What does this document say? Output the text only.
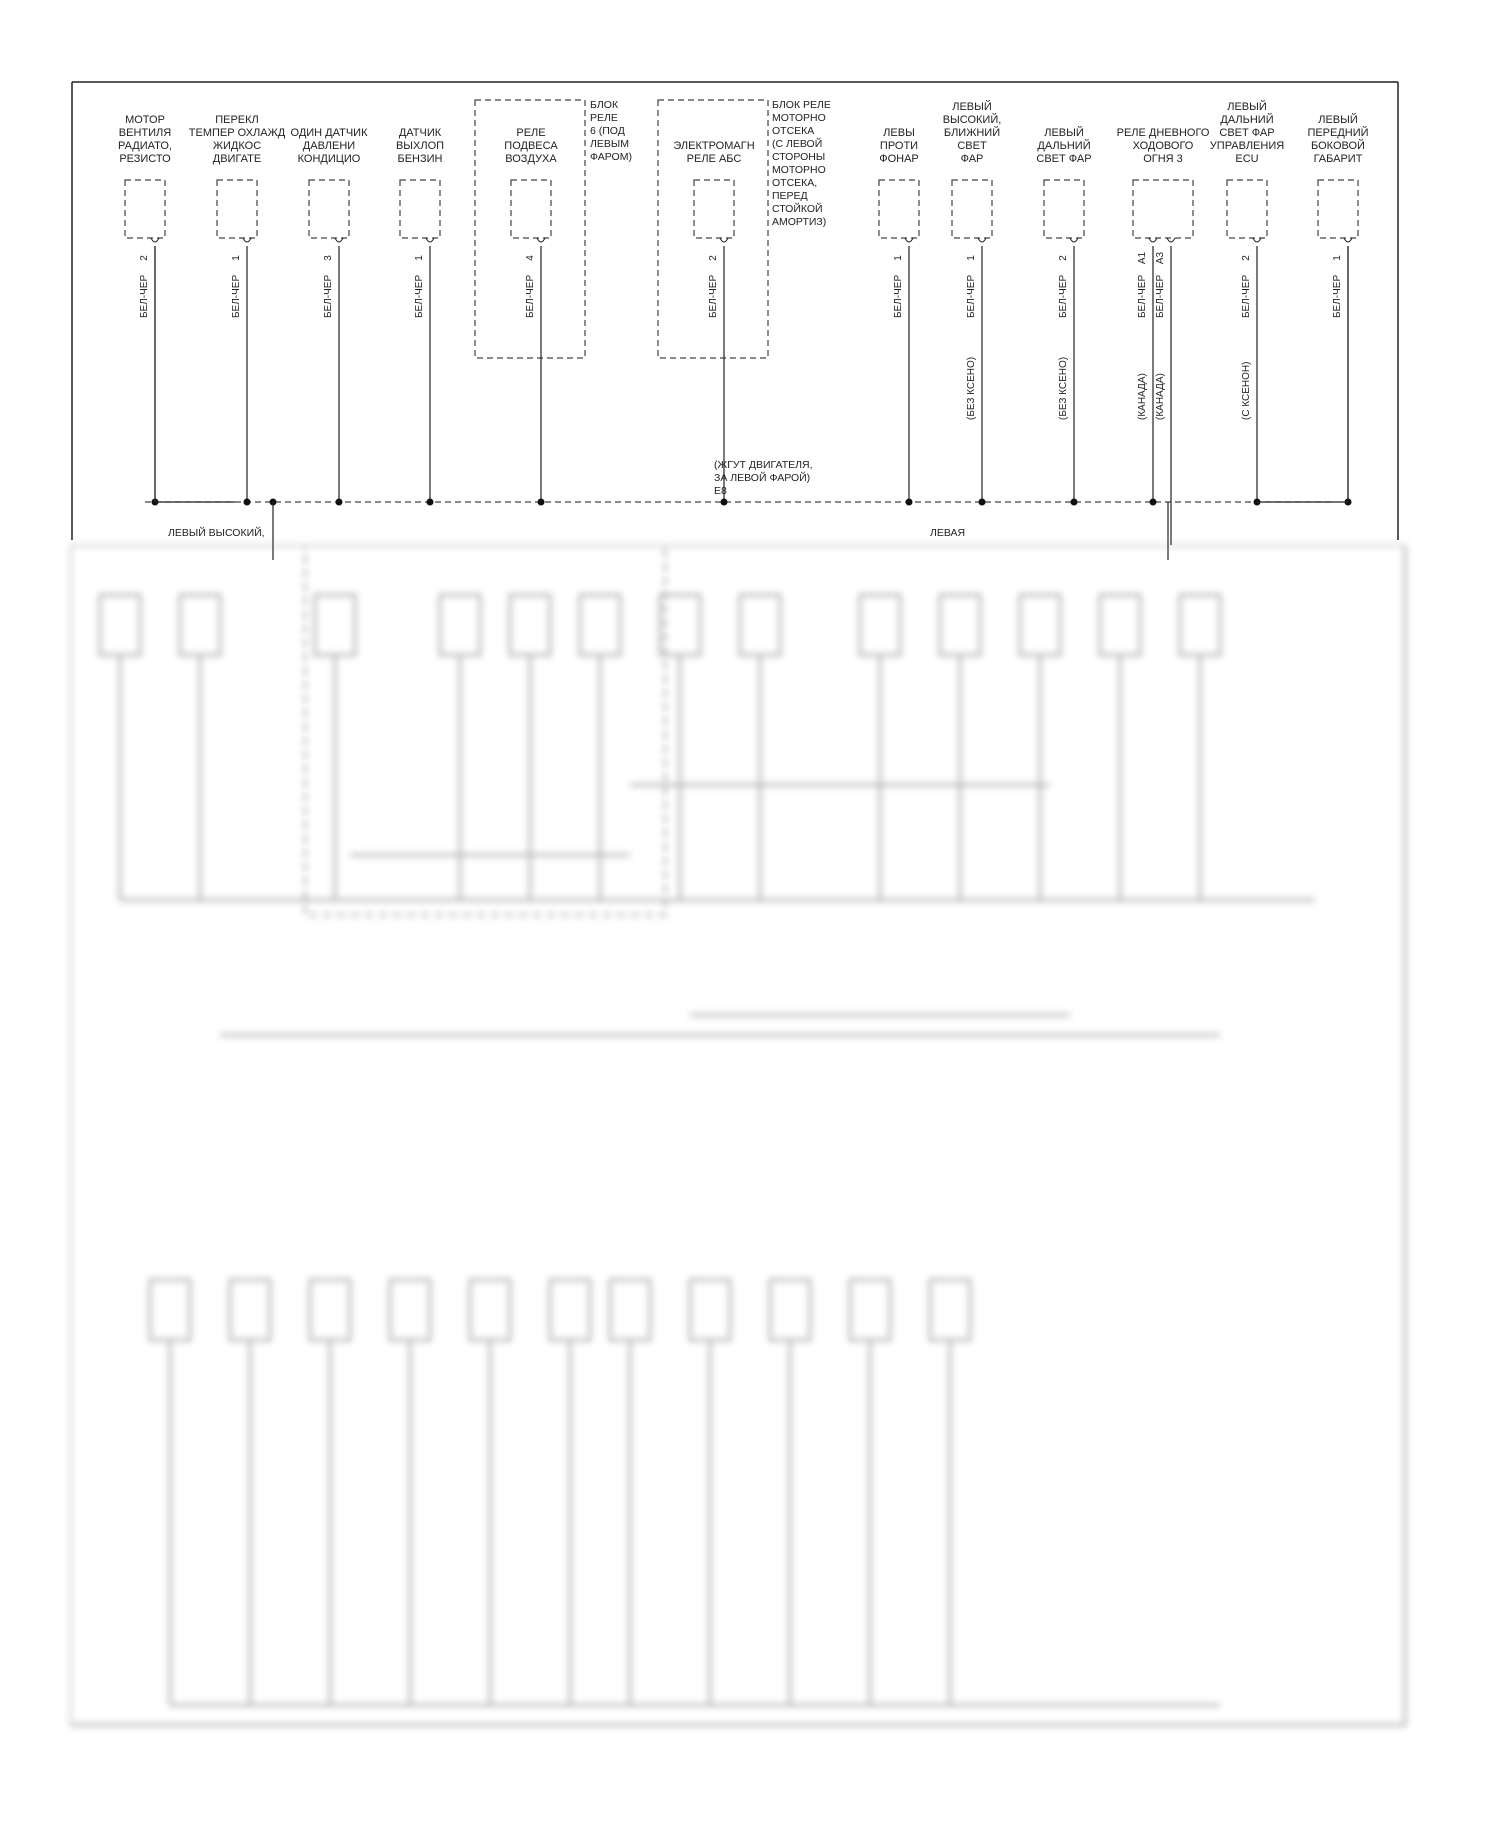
БЛОК РЕЛЕ 6 (ПОД ЛЕВЫМ ФАРОМ)
БЛОК РЕЛЕ МОТОРНО ОТСЕКА (С ЛЕВОЙ СТОРОНЫ МОТОРНО ОТСЕКА, ПЕРЕД СТОЙКОЙ АМОРТИЗ)
МОТОР ВЕНТИЛЯ РАДИАТО, РЕЗИСТО
2
БЕЛ-ЧЕР
ПЕРЕКЛ ТЕМПЕР ОХЛАЖД ЖИДКОС ДВИГАТЕ
1
БЕЛ-ЧЕР
ОДИН ДАТЧИК ДАВЛЕНИ КОНДИЦИО
3
БЕЛ-ЧЕР
ДАТЧИК ВЫХЛОП БЕНЗИН
1
БЕЛ-ЧЕР
РЕЛЕ ПОДВЕСА ВОЗДУХА
4
БЕЛ-ЧЕР
ЭЛЕКТРОМАГН РЕЛЕ АБС
2
БЕЛ-ЧЕР
ЛЕВЫ ПРОТИ ФОНАР
1
БЕЛ-ЧЕР
ЛЕВЫЙ ВЫСОКИЙ, БЛИЖНИЙ СВЕТ ФАР
1
БЕЛ-ЧЕР
(БЕЗ КСЕНО)
ЛЕВЫЙ ДАЛЬНИЙ СВЕТ ФАР
2
БЕЛ-ЧЕР
(БЕЗ КСЕНО)
РЕЛЕ ДНЕВНОГО ХОДОВОГО ОГНЯ 3
A1
БЕЛ-ЧЕР
(КАНАДА)
A3
БЕЛ-ЧЕР
(КАНАДА)
ЛЕВЫЙ ДАЛЬНИЙ СВЕТ ФАР УПРАВЛЕНИЯ ECU
2
БЕЛ-ЧЕР
(С КСЕНОН)
ЛЕВЫЙ ПЕРЕДНИЙ БОКОВОЙ ГАБАРИТ
1
БЕЛ-ЧЕР
(ЖГУТ ДВИГАТЕЛЯ, ЗА ЛЕВОЙ ФАРОЙ) E8
ЛЕВЫЙ ВЫСОКИЙ,	ЛЕВАЯ
